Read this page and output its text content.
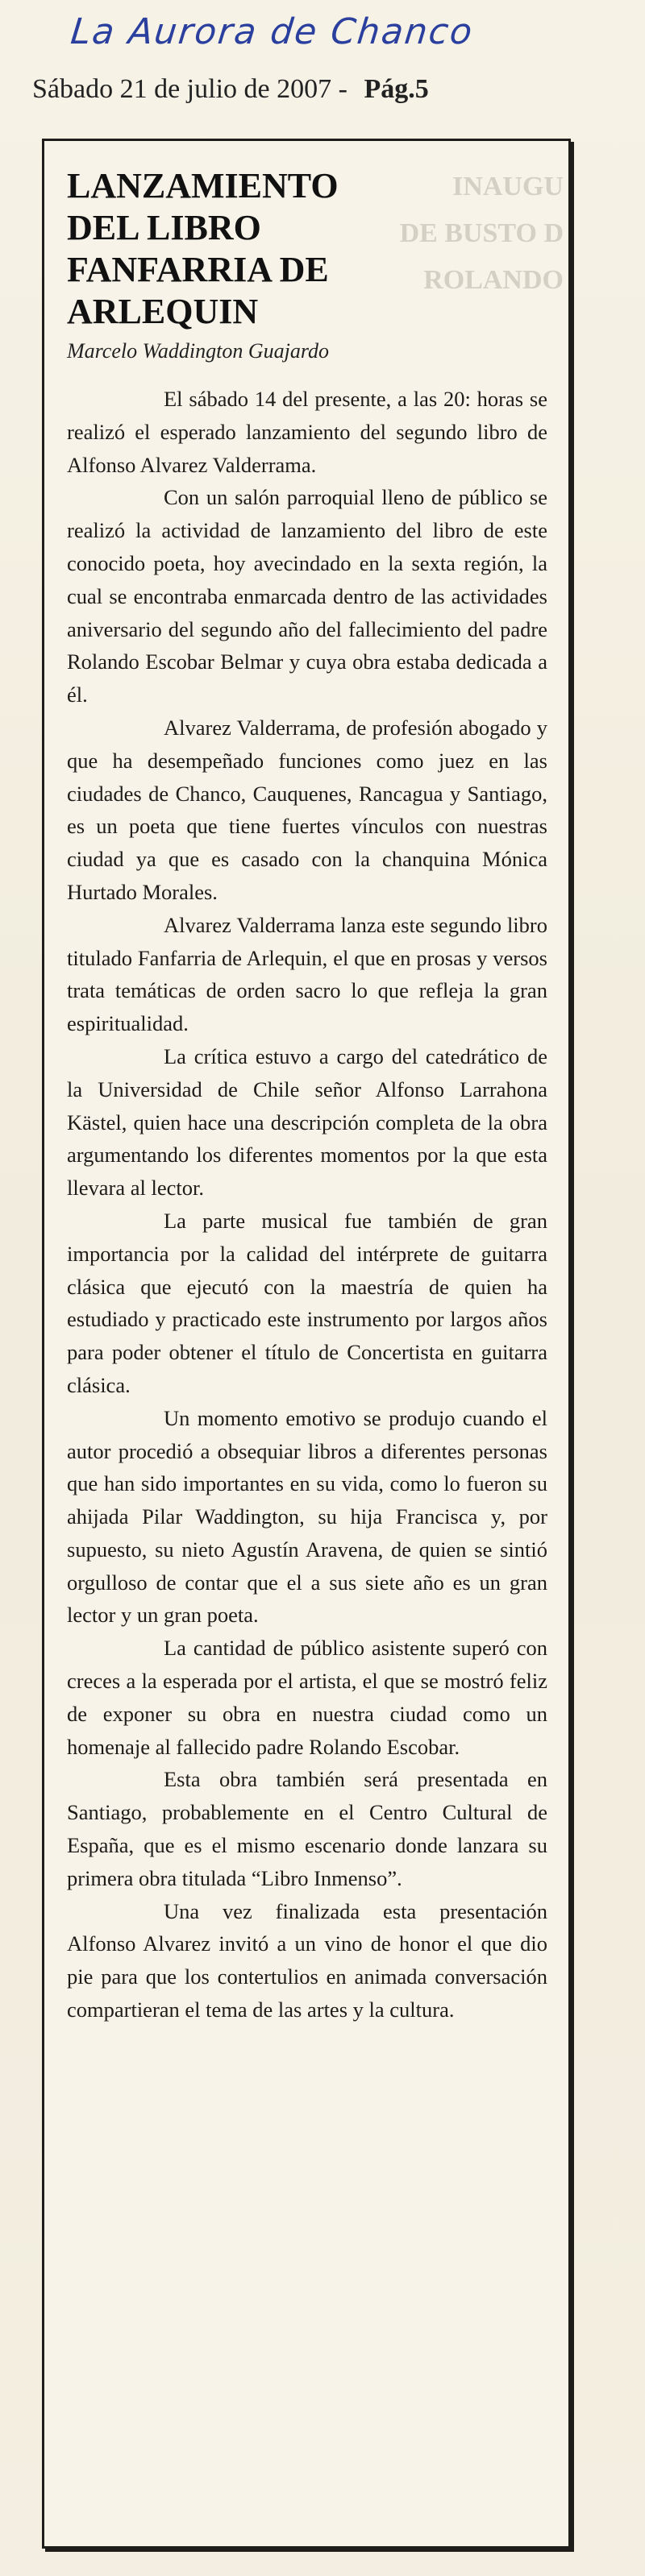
La Aurora de Chanco
Sábado 21 de julio de 2007 - Pág.5
INAUGU
DE BUSTO D
ROLANDO
LANZAMIENTO
DEL LIBRO
FANFARRIA DE
ARLEQUIN
Marcelo Waddington Guajardo

El sábado 14 del presente, a las 20: horas se realizó el esperado lanzamiento del segundo libro de Alfonso Alvarez Valderrama.

Con un salón parroquial lleno de público se realizó la actividad de lanzamiento del libro de este conocido poeta, hoy avecindado en la sexta región, la cual se encontraba enmarcada dentro de las actividades aniversario del segundo año del fallecimiento del padre Rolando Escobar Belmar y cuya obra estaba dedicada a él.

Alvarez Valderrama, de profesión abogado y que ha desempeñado funciones como juez en las ciudades de Chanco, Cauquenes, Rancagua y Santiago, es un poeta que tiene fuertes vínculos con nuestras ciudad ya que es casado con la chanquina Mónica Hurtado Morales.

Alvarez Valderrama lanza este segundo libro titulado Fanfarria de Arlequin, el que en prosas y versos trata temáticas de orden sacro lo que refleja la gran espiritualidad.

La crítica estuvo a cargo del catedrático de la Universidad de Chile señor Alfonso Larrahona Kästel, quien hace una descripción completa de la obra argumentando los diferentes momentos por la que esta llevara al lector.

La parte musical fue también de gran importancia por la calidad del intérprete de guitarra clásica que ejecutó con la maestría de quien ha estudiado y practicado este instrumento por largos años para poder obtener el título de Concertista en guitarra clásica.

Un momento emotivo se produjo cuando el autor procedió a obsequiar libros a diferentes personas que han sido importantes en su vida, como lo fueron su ahijada Pilar Waddington, su hija Francisca y, por supuesto, su nieto Agustín Aravena, de quien se sintió orgulloso de contar que el a sus siete año es un gran lector y un gran poeta.

La cantidad de público asistente superó con creces a la esperada por el artista, el que se mostró feliz de exponer su obra en nuestra ciudad como un homenaje al fallecido padre Rolando Escobar.

Esta obra también será presentada en Santiago, probablemente en el Centro Cultural de España, que es el mismo escenario donde lanzara su primera obra titulada “Libro Inmenso”.

Una vez finalizada esta presentación Alfonso Alvarez invitó a un vino de honor el que dio pie para que los contertulios en animada conversación compartieran el tema de las artes y la cultura.
